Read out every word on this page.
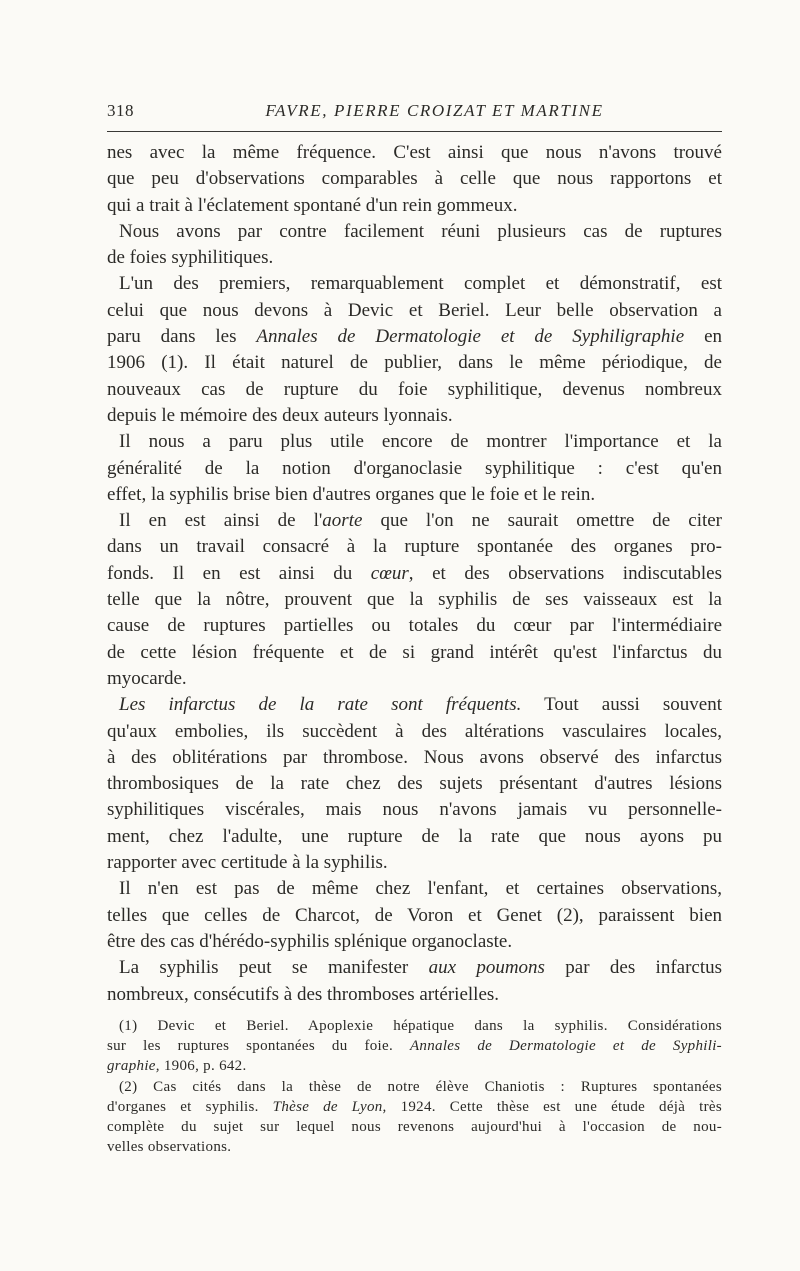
318	FAVRE, PIERRE CROIZAT ET MARTINE
nes avec la même fréquence. C'est ainsi que nous n'avons trouvé
que peu d'observations comparables à celle que nous rapportons et
qui a trait à l'éclatement spontané d'un rein gommeux.
Nous avons par contre facilement réuni plusieurs cas de ruptures
de foies syphilitiques.
L'un des premiers, remarquablement complet et démonstratif, est
celui que nous devons à Devic et Beriel. Leur belle observation a
paru dans les Annales de Dermatologie et de Syphiligraphie en
1906 (1). Il était naturel de publier, dans le même périodique, de
nouveaux cas de rupture du foie syphilitique, devenus nombreux
depuis le mémoire des deux auteurs lyonnais.
Il nous a paru plus utile encore de montrer l'importance et la
généralité de la notion d'organoclasie syphilitique : c'est qu'en
effet, la syphilis brise bien d'autres organes que le foie et le rein.
Il en est ainsi de l'aorte que l'on ne saurait omettre de citer
dans un travail consacré à la rupture spontanée des organes pro-
fonds. Il en est ainsi du cœur, et des observations indiscutables
telle que la nôtre, prouvent que la syphilis de ses vaisseaux est la
cause de ruptures partielles ou totales du cœur par l'intermédiaire
de cette lésion fréquente et de si grand intérêt qu'est l'infarctus du
myocarde.
Les infarctus de la rate sont fréquents. Tout aussi souvent
qu'aux embolies, ils succèdent à des altérations vasculaires locales,
à des oblitérations par thrombose. Nous avons observé des infarctus
thrombosiques de la rate chez des sujets présentant d'autres lésions
syphilitiques viscérales, mais nous n'avons jamais vu personnelle-
ment, chez l'adulte, une rupture de la rate que nous ayons pu
rapporter avec certitude à la syphilis.
Il n'en est pas de même chez l'enfant, et certaines observations,
telles que celles de Charcot, de Voron et Genet (2), paraissent bien
être des cas d'hérédo-syphilis splénique organoclaste.
La syphilis peut se manifester aux poumons par des infarctus
nombreux, consécutifs à des thromboses artérielles.
(1) Devic et Beriel. Apoplexie hépatique dans la syphilis. Considérations
sur les ruptures spontanées du foie. Annales de Dermatologie et de Syphili-
graphie, 1906, p. 642.
(2) Cas cités dans la thèse de notre élève Chaniotis : Ruptures spontanées
d'organes et syphilis. Thèse de Lyon, 1924. Cette thèse est une étude déjà très
complète du sujet sur lequel nous revenons aujourd'hui à l'occasion de nou-
velles observations.
